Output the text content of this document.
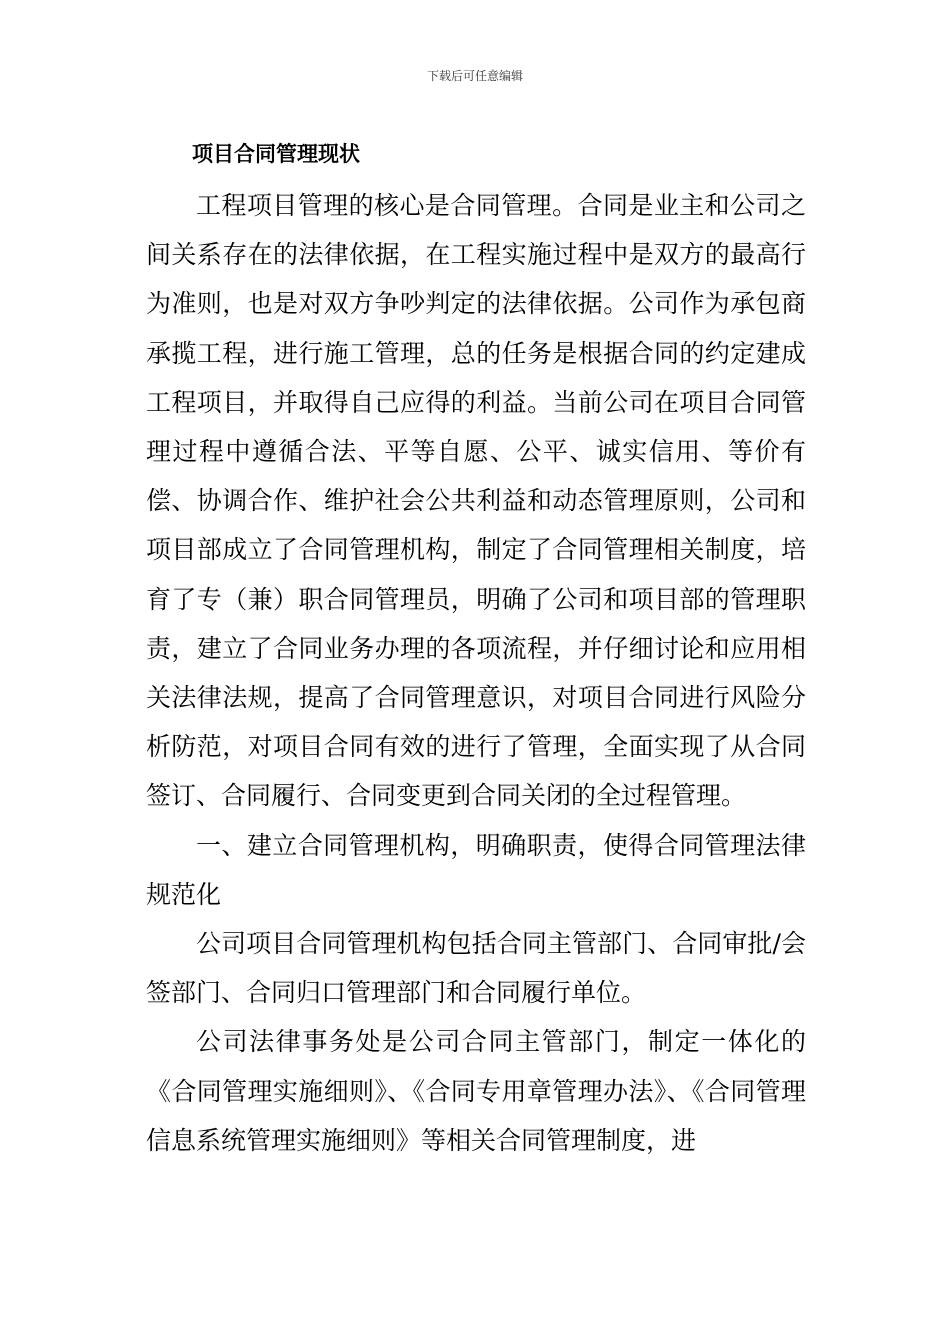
下载后可任意编辑
项目合同管理现状

工程项目管理的核心是合同管理。合同是业主和公司之间关系存在的法律依据，在工程实施过程中是双方的最高行为准则，也是对双方争吵判定的法律依据。公司作为承包商承揽工程，进行施工管理，总的任务是根据合同的约定建成工程项目，并取得自己应得的利益。当前公司在项目合同管理过程中遵循合法、平等自愿、公平、诚实信用、等价有偿、协调合作、维护社会公共利益和动态管理原则，公司和项目部成立了合同管理机构，制定了合同管理相关制度，培育了专（兼）职合同管理员，明确了公司和项目部的管理职责，建立了合同业务办理的各项流程，并仔细讨论和应用相关法律法规，提高了合同管理意识，对项目合同进行风险分析防范，对项目合同有效的进行了管理，全面实现了从合同签订、合同履行、合同变更到合同关闭的全过程管理。

一、建立合同管理机构，明确职责，使得合同管理法律规范化

公司项目合同管理机构包括合同主管部门、合同审批/会签部门、合同归口管理部门和合同履行单位。

公司法律事务处是公司合同主管部门，制定一体化的《合同管理实施细则》、《合同专用章管理办法》、《合同管理信息系统管理实施细则》等相关合同管理制度，进
